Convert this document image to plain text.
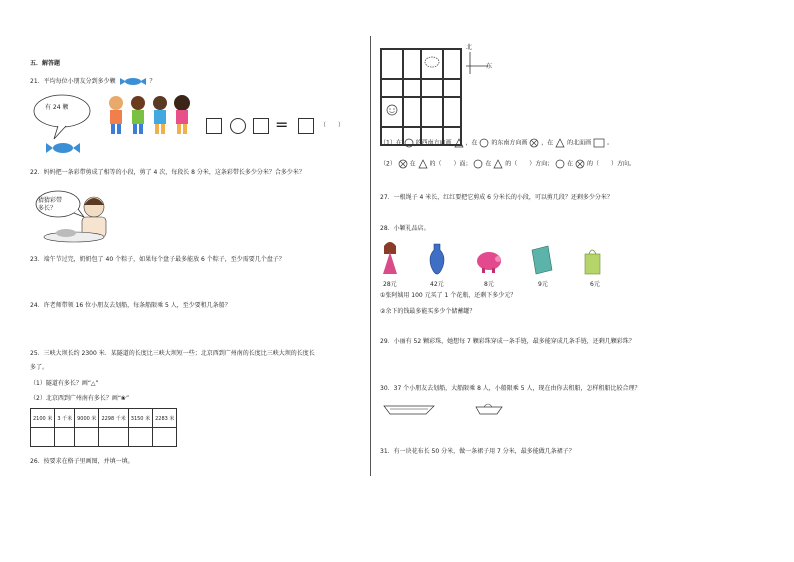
五．解答题
21．平均每位小朋友分到多少颗	？
有 24 颗
=	（　　）
22．妈妈把一条彩带剪成了相等的小段，剪了 4 次，每段长 8 分米，这条彩带长多少分米？合多少米？
猜猜彩带
多长？
23．端午节过完，奶奶包了 40 个粽子，如果每个盘子最多能放 6 个粽子，至少需要几个盘子？
24．许老师带领 16 位小朋友去划船，每条船限乘 5 人，至少要租几条船？
25．三峡大坝长约 2300 米．某隧道的长度比三峡大坝短一些；北京西到广州南的长度比三峡大坝的长度长
多了。
（1）隧道有多长？画“△”
（2）北京西到广州南有多长？画“❀”
2100 米	3 千米	9000 米	2298 千米	3150 米	2283 米

26．按要求在格子里画图，并填一填。
北
东
（1）在 的西南方向画 ，在 的东南方向画 ，在 的北面画	。
（2） 在 的（　　）面； 在 的（　　）方向； 在 的（　　）方向。
27．一根绳子 4 米长，红红要把它剪成 6 分米长的小段，可以剪几段？还剩多少分米？
28．小颖礼品店。
28元	42元	8元	9元	6元
①张阿姨用 100 元买了 1 个花瓶，还剩下多少元？
②余下的钱最多能买多少个储蓄罐？
29．小丽有 52 颗彩珠，她想每 7 颗彩珠穿成一条手链，最多能穿成几条手链，还剩几颗彩珠？
30．37 个小朋友去划船，大船限乘 8 人，小船限乘 5 人，现在由你去租船，怎样租船比较合理？
31．有一块花布长 50 分米，做一条裙子用 7 分米，最多能做几条裙子？
